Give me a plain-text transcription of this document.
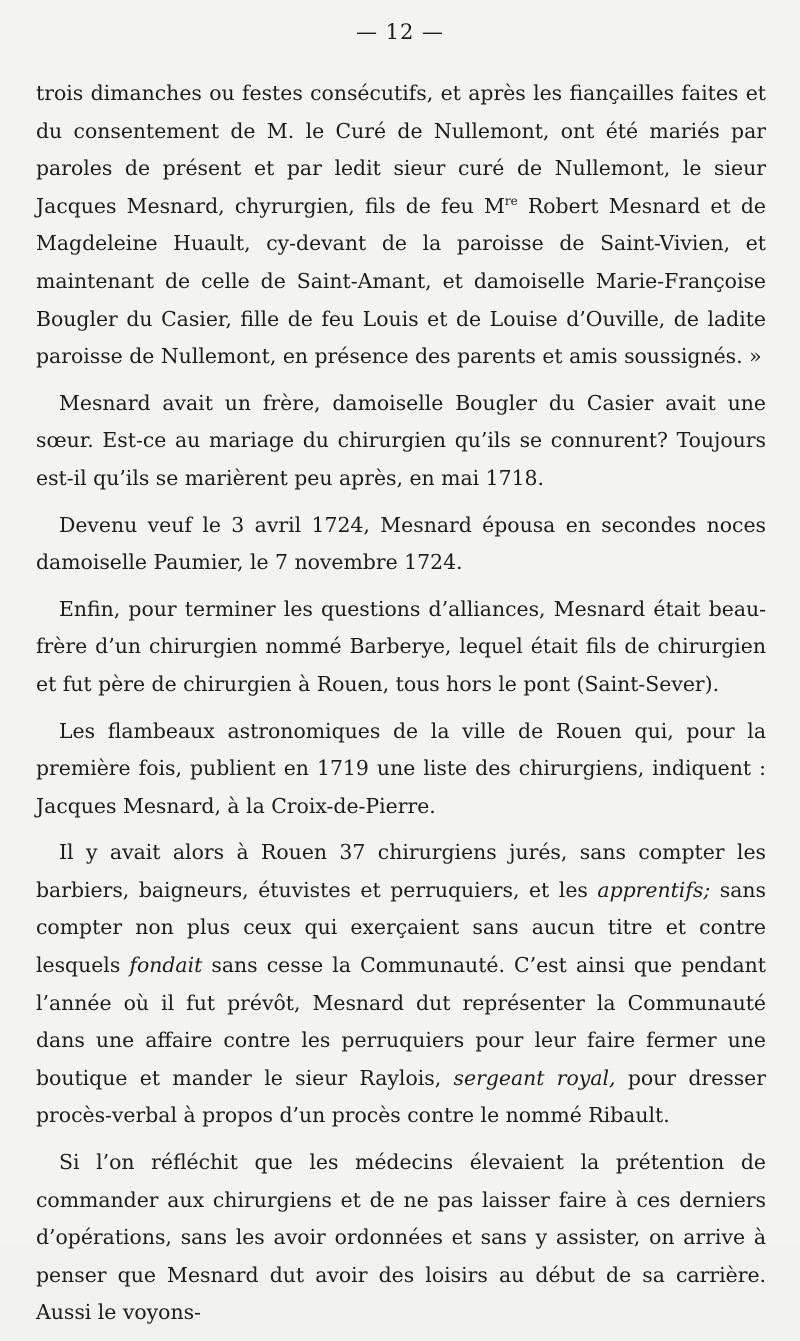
— 12 —

trois dimanches ou festes consécutifs, et après les fiançailles faites et du consentement de M. le Curé de Nullemont, ont été mariés par paroles de présent et par ledit sieur curé de Nullemont, le sieur Jacques Mesnard, chyrurgien, fils de feu Mre Robert Mesnard et de Magdeleine Huault, cy-devant de la paroisse de Saint-Vivien, et maintenant de celle de Saint-Amant, et damoiselle Marie-Françoise Bougler du Casier, fille de feu Louis et de Louise d’Ouville, de ladite paroisse de Nullemont, en présence des parents et amis soussignés. »

Mesnard avait un frère, damoiselle Bougler du Casier avait une sœur. Est-ce au mariage du chirurgien qu’ils se connurent? Toujours est-il qu’ils se marièrent peu après, en mai 1718.

Devenu veuf le 3 avril 1724, Mesnard épousa en secondes noces damoiselle Paumier, le 7 novembre 1724.

Enfin, pour terminer les questions d’alliances, Mesnard était beau-frère d’un chirurgien nommé Barberye, lequel était fils de chirurgien et fut père de chirurgien à Rouen, tous hors le pont (Saint-Sever).

Les flambeaux astronomiques de la ville de Rouen qui, pour la première fois, publient en 1719 une liste des chirurgiens, indiquent : Jacques Mesnard, à la Croix-de-Pierre.

Il y avait alors à Rouen 37 chirurgiens jurés, sans compter les barbiers, baigneurs, étuvistes et perruquiers, et les apprentifs; sans compter non plus ceux qui exerçaient sans aucun titre et contre lesquels fondait sans cesse la Communauté. C’est ainsi que pendant l’année où il fut prévôt, Mesnard dut représenter la Communauté dans une affaire contre les perruquiers pour leur faire fermer une boutique et mander le sieur Raylois, sergeant royal, pour dresser procès-verbal à propos d’un procès contre le nommé Ribault.

Si l’on réfléchit que les médecins élevaient la prétention de commander aux chirurgiens et de ne pas laisser faire à ces derniers d’opérations, sans les avoir ordonnées et sans y assister, on arrive à penser que Mesnard dut avoir des loisirs au début de sa carrière. Aussi le voyons-
